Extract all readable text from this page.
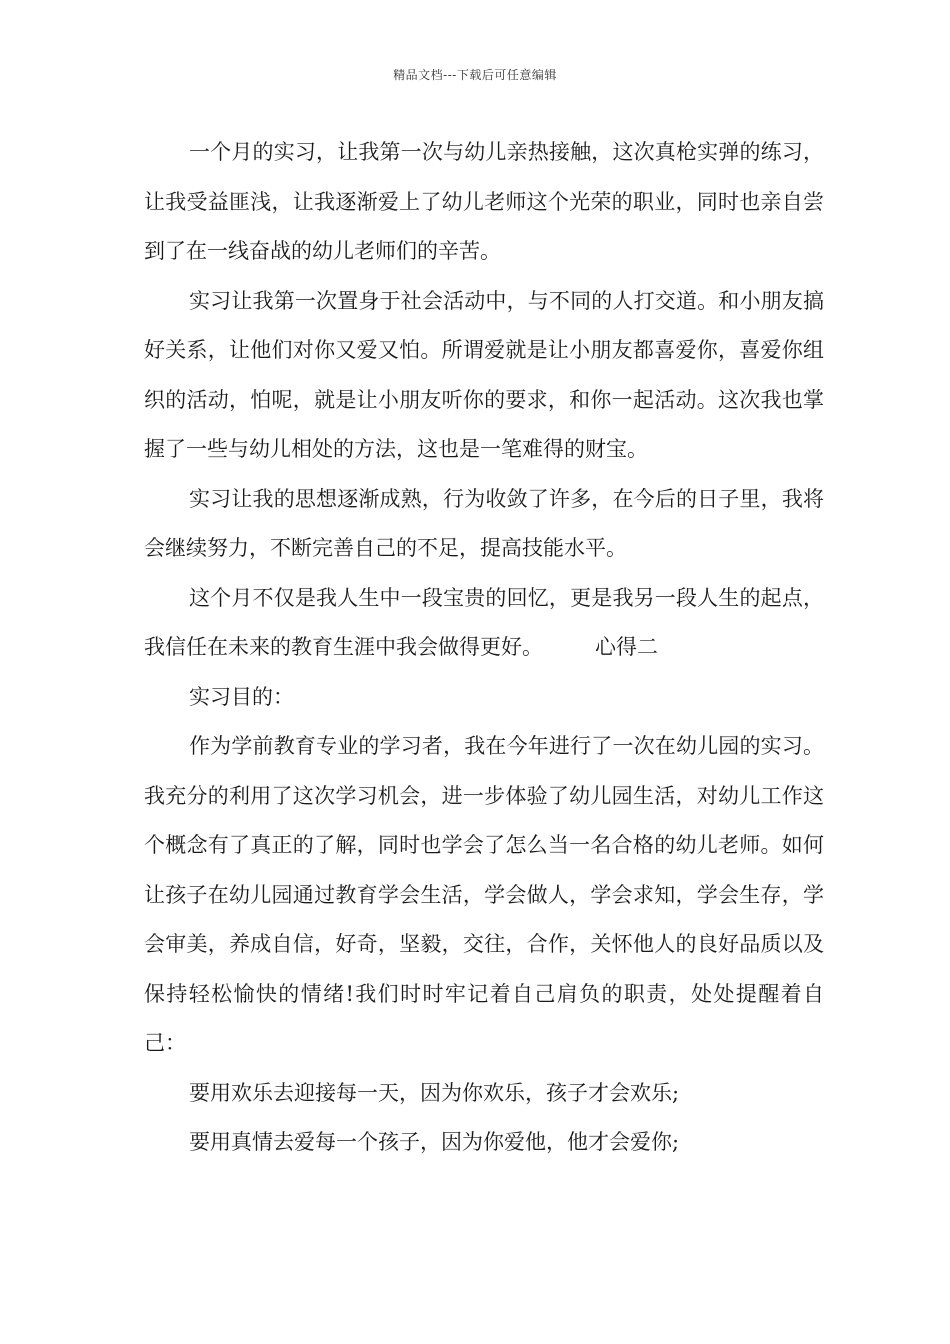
精品文档---下载后可任意编辑

一个月的实习，让我第一次与幼儿亲热接触，这次真枪实弹的练习，让我受益匪浅，让我逐渐爱上了幼儿老师这个光荣的职业，同时也亲自尝到了在一线奋战的幼儿老师们的辛苦。

实习让我第一次置身于社会活动中，与不同的人打交道。和小朋友搞好关系，让他们对你又爱又怕。所谓爱就是让小朋友都喜爱你，喜爱你组织的活动，怕呢，就是让小朋友听你的要求，和你一起活动。这次我也掌握了一些与幼儿相处的方法，这也是一笔难得的财宝。

实习让我的思想逐渐成熟，行为收敛了许多，在今后的日子里，我将会继续努力，不断完善自己的不足，提高技能水平。

这个月不仅是我人生中一段宝贵的回忆，更是我另一段人生的起点，我信任在未来的教育生涯中我会做得更好。 心得二

实习目的：

作为学前教育专业的学习者，我在今年进行了一次在幼儿园的实习。我充分的利用了这次学习机会，进一步体验了幼儿园生活，对幼儿工作这个概念有了真正的了解，同时也学会了怎么当一名合格的幼儿老师。如何让孩子在幼儿园通过教育学会生活，学会做人，学会求知，学会生存，学会审美，养成自信，好奇，坚毅，交往，合作，关怀他人的良好品质以及保持轻松愉快的情绪!我们时时牢记着自己肩负的职责，处处提醒着自己：

要用欢乐去迎接每一天，因为你欢乐，孩子才会欢乐;

要用真情去爱每一个孩子，因为你爱他，他才会爱你;
